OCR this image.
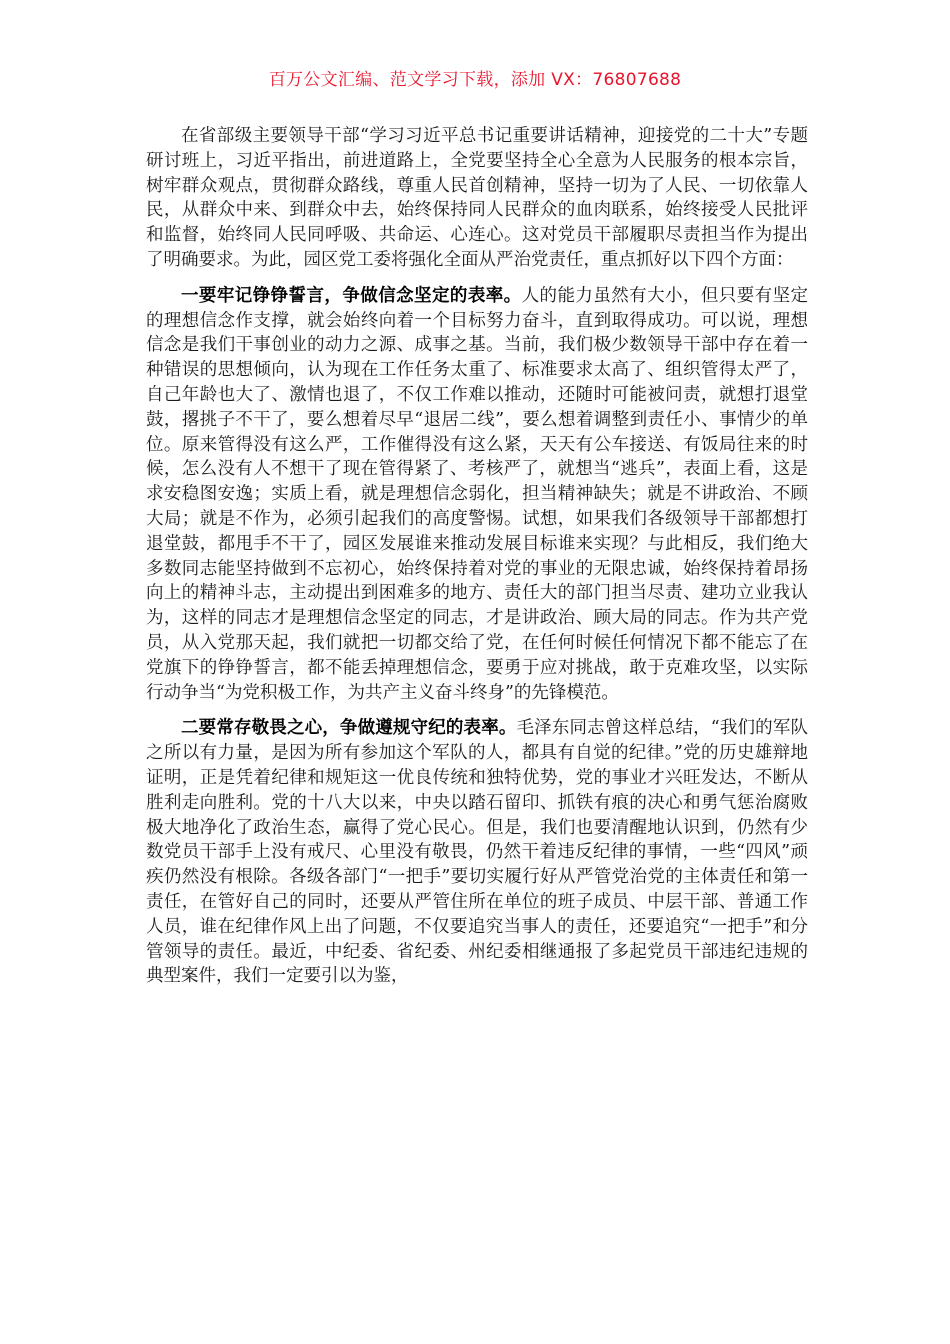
百万公文汇编、范文学习下载，添加 VX：76807688

在省部级主要领导干部“学习习近平总书记重要讲话精神，迎接党的二十大”专题研讨班上，习近平指出，前进道路上，全党要坚持全心全意为人民服务的根本宗旨，树牢群众观点，贯彻群众路线，尊重人民首创精神，坚持一切为了人民、一切依靠人民，从群众中来、到群众中去，始终保持同人民群众的血肉联系，始终接受人民批评和监督，始终同人民同呼吸、共命运、心连心。这对党员干部履职尽责担当作为提出了明确要求。为此，园区党工委将强化全面从严治党责任，重点抓好以下四个方面：

一要牢记铮铮誓言，争做信念坚定的表率。人的能力虽然有大小，但只要有坚定的理想信念作支撑，就会始终向着一个目标努力奋斗，直到取得成功。可以说，理想信念是我们干事创业的动力之源、成事之基。当前，我们极少数领导干部中存在着一种错误的思想倾向，认为现在工作任务太重了、标准要求太高了、组织管得太严了，自己年龄也大了、激情也退了，不仅工作难以推动，还随时可能被问责，就想打退堂鼓，撂挑子不干了，要么想着尽早“退居二线”，要么想着调整到责任小、事情少的单位。原来管得没有这么严，工作催得没有这么紧，天天有公车接送、有饭局往来的时候，怎么没有人不想干了现在管得紧了、考核严了，就想当“逃兵”，表面上看，这是求安稳图安逸；实质上看，就是理想信念弱化，担当精神缺失；就是不讲政治、不顾大局；就是不作为，必须引起我们的高度警惕。试想，如果我们各级领导干部都想打退堂鼓，都甩手不干了，园区发展谁来推动发展目标谁来实现？与此相反，我们绝大多数同志能坚持做到不忘初心，始终保持着对党的事业的无限忠诚，始终保持着昂扬向上的精神斗志，主动提出到困难多的地方、责任大的部门担当尽责、建功立业我认为，这样的同志才是理想信念坚定的同志，才是讲政治、顾大局的同志。作为共产党员，从入党那天起，我们就把一切都交给了党，在任何时候任何情况下都不能忘了在党旗下的铮铮誓言，都不能丢掉理想信念，要勇于应对挑战，敢于克难攻坚，以实际行动争当“为党积极工作，为共产主义奋斗终身”的先锋模范。

二要常存敬畏之心，争做遵规守纪的表率。毛泽东同志曾这样总结，“我们的军队之所以有力量，是因为所有参加这个军队的人，都具有自觉的纪律。”党的历史雄辩地证明，正是凭着纪律和规矩这一优良传统和独特优势，党的事业才兴旺发达，不断从胜利走向胜利。党的十八大以来，中央以踏石留印、抓铁有痕的决心和勇气惩治腐败极大地净化了政治生态，赢得了党心民心。但是，我们也要清醒地认识到，仍然有少数党员干部手上没有戒尺、心里没有敬畏，仍然干着违反纪律的事情，一些“四风”顽疾仍然没有根除。各级各部门“一把手”要切实履行好从严管党治党的主体责任和第一责任，在管好自己的同时，还要从严管住所在单位的班子成员、中层干部、普通工作人员，谁在纪律作风上出了问题，不仅要追究当事人的责任，还要追究“一把手”和分管领导的责任。最近，中纪委、省纪委、州纪委相继通报了多起党员干部违纪违规的典型案件，我们一定要引以为鉴，
